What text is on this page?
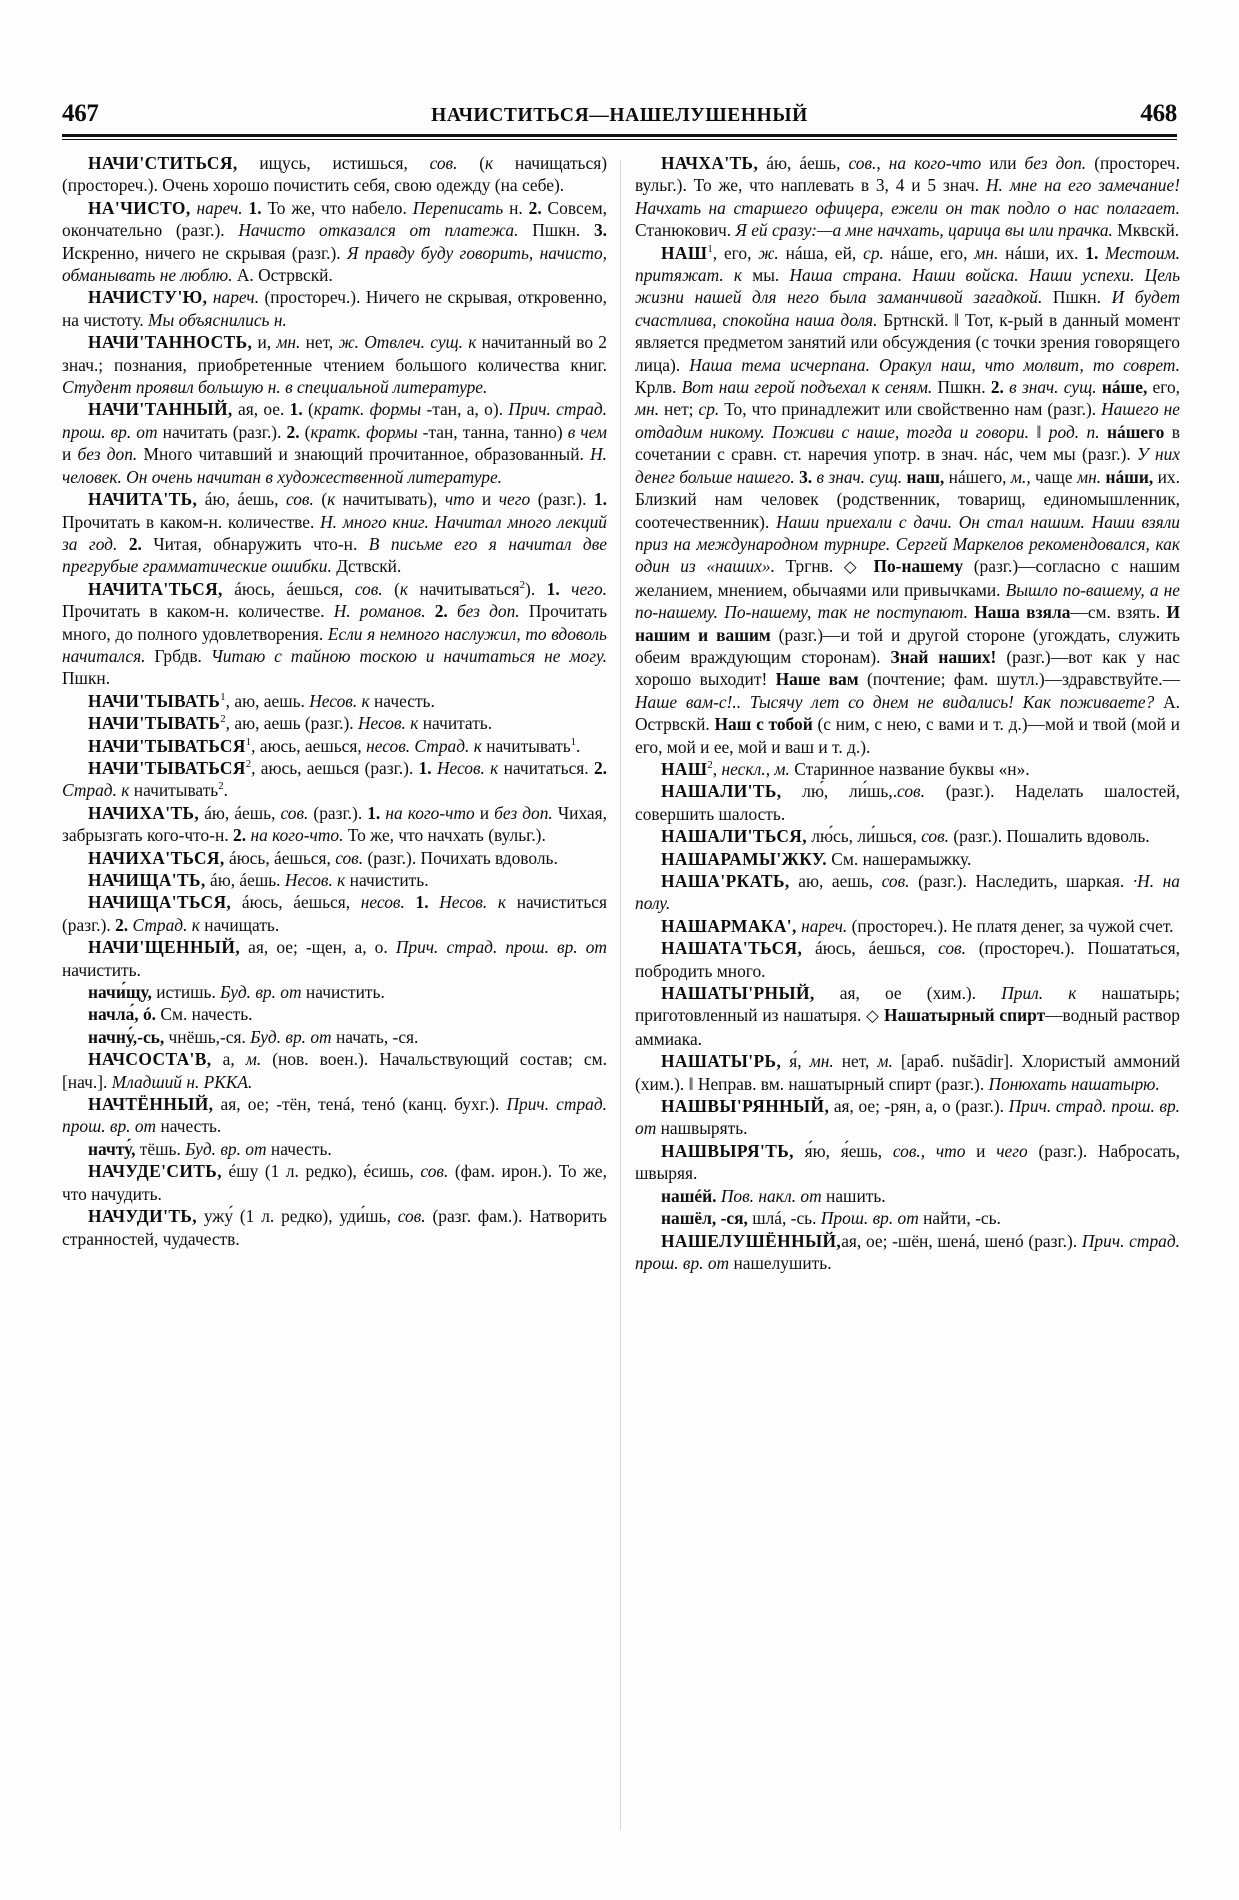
467	НАЧИСТИТЬСЯ—НАШЕЛУШЕННЫЙ	468

НАЧИ'СТИТЬСЯ, ищусь, истишься, сов. (к начищаться) (простореч.). Очень хорошо почистить себя, свою одежду (на себе).

НА'ЧИСТО, нареч. 1. То же, что набело. Переписать н. 2. Совсем, окончательно (разг.). Начисто отказался от платежа. Пшкн. 3. Искренно, ничего не скрывая (разг.). Я правду буду говорить, начисто, обманывать не люблю. А. Острвскй.

НАЧИСТУ'Ю, нареч. (простореч.). Ничего не скрывая, откровенно, на чистоту. Мы объяснились н.

НАЧИ'ТАННОСТЬ, и, мн. нет, ж. Отвлеч. сущ. к начитанный во 2 знач.; познания, приобретенные чтением большого количества книг. Студент проявил большую н. в специальной литературе.

НАЧИ'ТАННЫЙ, ая, ое. 1. (кратк. формы -тан, а, о). Прич. страд. прош. вр. от начитать (разг.). 2. (кратк. формы -тан, танна, танно) в чем и без доп. Много читавший и знающий прочитанное, образованный. Н. человек. Он очень начитан в художественной литературе.

НАЧИТА'ТЬ, áю, áешь, сов. (к начитывать), что и чего (разг.). 1. Прочитать в каком-н. количестве. Н. много книг. Начитал много лекций за год. 2. Читая, обнаружить что-н. В письме его я начитал две прегрубые грамматические ошибки. Дствскй.

НАЧИТА'ТЬСЯ, áюсь, áешься, сов. (к начитываться$^2$). 1. чего. Прочитать в каком-н. количестве. Н. романов. 2. без доп. Прочитать много, до полного удовлетворения. Если я немного наслужил, то вдоволь начитался. Грбдв. Читаю с тайною тоскою и начитаться не могу. Пшкн.

НАЧИ'ТЫВАТЬ$^1$, аю, аешь. Несов. к начесть.

НАЧИ'ТЫВАТЬ$^2$, аю, аешь (разг.). Несов. к начитать.

НАЧИ'ТЫВАТЬСЯ$^1$, аюсь, аешься, несов. Страд. к начитывать$^1$.

НАЧИ'ТЫВАТЬСЯ$^2$, аюсь, аешься (разг.). 1. Несов. к начитаться. 2. Страд. к начитывать$^2$.

НАЧИХА'ТЬ, áю, áешь, сов. (разг.). 1. на кого-что и без доп. Чихая, забрызгать кого-что-н. 2. на кого-что. То же, что начхать (вульг.).

НАЧИХА'ТЬСЯ, áюсь, áешься, сов. (разг.). Почихать вдоволь.

НАЧИЩА'ТЬ, áю, áешь. Несов. к начистить.

НАЧИЩА'ТЬСЯ, áюсь, áешься, несов. 1. Несов. к начиститься (разг.). 2. Страд. к начищать.

НАЧИ'ЩЕННЫЙ, ая, ое; -щен, а, о. Прич. страд. прош. вр. от начистить.

начи́щу, истишь. Буд. вр. от начистить.

начла́, ó. См. начесть.

начну́,-сь, чнёшь,-ся. Буд. вр. от начать, -ся.

НАЧСОСТА'В, а, м. (нов. воен.). Начальствующий состав; см. [нач.]. Младший н. РККА.

НАЧТЁННЫЙ, ая, ое; -тён, тенá, тенó (канц. бухг.). Прич. страд. прош. вр. от начесть.

начту́, тёшь. Буд. вр. от начесть.

НАЧУДЕ'СИТЬ, éшу (1 л. редко), éсишь, сов. (фам. ирон.). То же, что начудить.

НАЧУДИ'ТЬ, ужу́ (1 л. редко), уди́шь, сов. (разг. фам.). Натворить странностей, чудачеств.

НАЧХА'ТЬ, áю, áешь, сов., на кого-что или без доп. (простореч. вульг.). То же, что наплевать в 3, 4 и 5 знач. Н. мне на его замечание! Начхать на старшего офицера, ежели он так подло о нас полагает. Станюкович. Я ей сразу:—а мне начхать, царица вы или прачка. Мквскй.

НАШ$^1$, его, ж. нáша, ей, ср. нáше, его, мн. нáши, их. 1. Местоим. притяжат. к мы. Наша страна. Наши войска. Наши успехи. Цель жизни нашей для него была заманчивой загадкой. Пшкн. И будет счастлива, спокойна наша доля. Бртнскй. ‖ Тот, к-рый в данный момент является предметом занятий или обсуждения (с точки зрения говорящего лица). Наша тема исчерпана. Оракул наш, что молвит, то соврет. Крлв. Вот наш герой подъехал к сеням. Пшкн. 2. в знач. сущ. нáше, его, мн. нет; ср. То, что принадлежит или свойственно нам (разг.). Нашего не отдадим никому. Поживи с наше, тогда и говори. ‖ род. п. нáшего в сочетании с сравн. ст. наречия употр. в знач. нáс, чем мы (разг.). У них денег больше нашего. 3. в знач. сущ. наш, нáшего, м., чаще мн. нáши, их. Близкий нам человек (родственник, товарищ, единомышленник, соотечественник). Наши приехали с дачи. Он стал нашим. Наши взяли приз на международном турнире. Сергей Маркелов рекомендовался, как один из «наших». Тргнв. ◇ По-нашему (разг.)—согласно с нашим желанием, мнением, обычаями или привычками. Вышло по-вашему, а не по-нашему. По-нашему, так не поступают. Наша взяла—см. взять. И нашим и вашим (разг.)—и той и другой стороне (угождать, служить обеим враждующим сторонам). Знай наших! (разг.)—вот как у нас хорошо выходит! Наше вам (почтение; фам. шутл.)—здравствуйте.—Наше вам-с!.. Тысячу лет со днем не видались! Как поживаете? А. Острвскй. Наш с тобой (с ним, с нею, с вами и т. д.)—мой и твой (мой и его, мой и ее, мой и ваш и т. д.).

НАШ$^2$, нескл., м. Старинное название буквы «н».

НАШАЛИ'ТЬ, лю́, ли́шь,.сов. (разг.). Наделать шалостей, совершить шалость.

НАШАЛИ'ТЬСЯ, лю́сь, ли́шься, сов. (разг.). Пошалить вдоволь.

НАШАРАМЫ'ЖКУ. См. нашерамыжку.

НАША'РКАТЬ, аю, аешь, сов. (разг.). Наследить, шаркая. ·Н. на полу.

НАШАРМАКА', нареч. (простореч.). Не платя денег, за чужой счет.

НАШАТА'ТЬСЯ, áюсь, áешься, сов. (простореч.). Пошататься, побродить много.

НАШАТЫ'РНЫЙ, ая, ое (хим.). Прил. к нашатырь; приготовленный из нашатыря. ◇ Нашатырный спирт—водный раствор аммиака.

НАШАТЫ'РЬ, я́, мн. нет, м. [араб. nušādir]. Хлористый аммоний (хим.). ‖ Неправ. вм. нашатырный спирт (разг.). Понюхать нашатырю.

НАШВЫ'РЯННЫЙ, ая, ое; -рян, а, о (разг.). Прич. страд. прош. вр. от нашвырять.

НАШВЫРЯ'ТЬ, я́ю, я́ешь, сов., что и чего (разг.). Набросать, швыряя.

нашéй. Пов. накл. от нашить.

нашёл, -ся, шлá, -сь. Прош. вр. от найти, -сь.

НАШЕЛУШЁННЫЙ,ая, ое; -шён, шенá, шенó (разг.). Прич. страд. прош. вр. от нашелушить.
